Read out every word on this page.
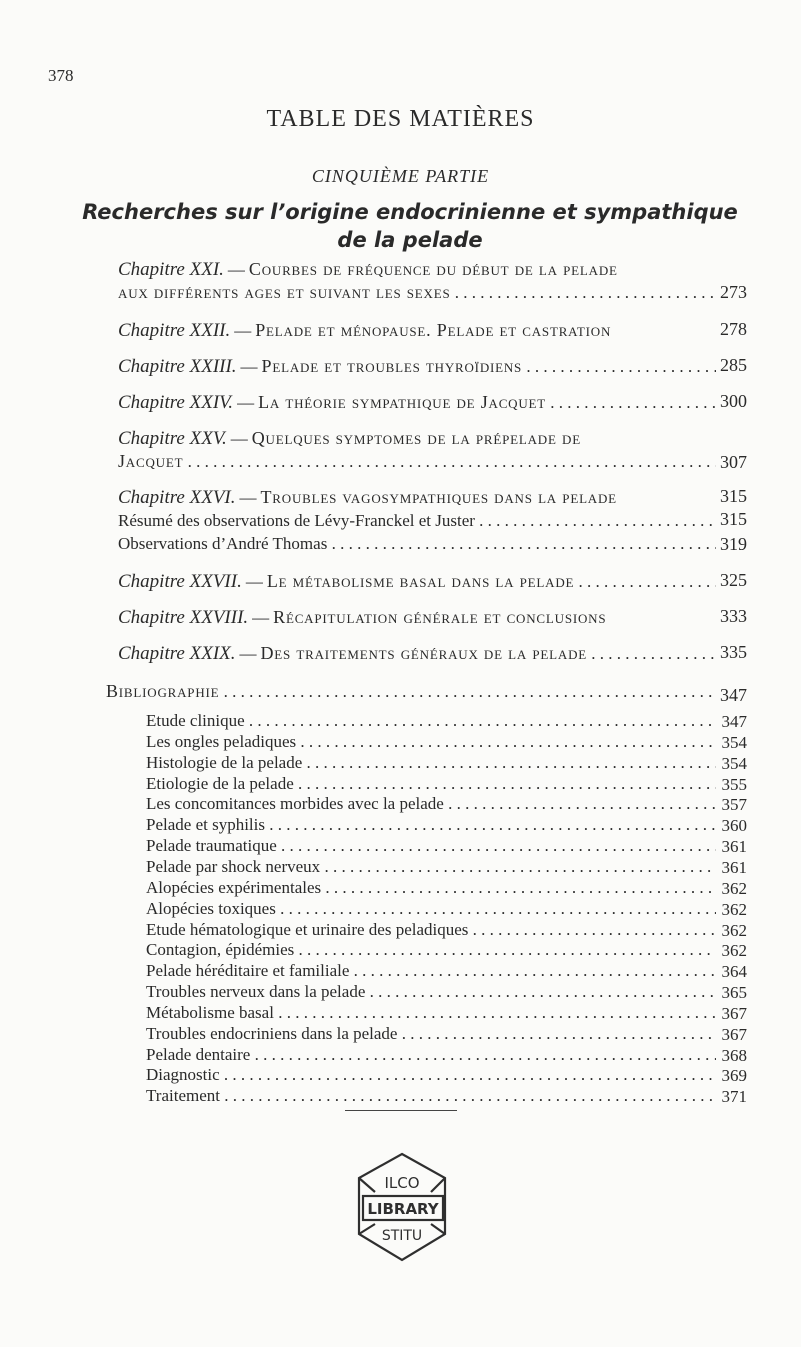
378
TABLE DES MATIÈRES
CINQUIÈME PARTIE
Recherches sur l’origine endocrinienne et sympathique
de la pelade
Chapitre XXI. — Courbes de fréquence du début de la pelade
aux différents ages et suivant les sexes . . .	273
Chapitre XXII. — Pelade et ménopause. Pelade et castration	278
Chapitre XXIII. — Pelade et troubles thyroïdiens . . .	285
Chapitre XXIV. — La théorie sympathique de Jacquet . . .	300
Chapitre XXV. — Quelques symptomes de la prépelade de
Jacquet . . .	307
Chapitre XXVI. — Troubles vagosympathiques dans la pelade	315
Résumé des observations de Lévy-Franckel et Juster . . .	315
Observations d’André Thomas . . .	319
Chapitre XXVII. — Le métabolisme basal dans la pelade . . .	325
Chapitre XXVIII. — Récapitulation générale et conclusions	333
Chapitre XXIX. — Des traitements généraux de la pelade . . .	335
Bibliographie . . .	347
Etude clinique . . .	347
Les ongles peladiques . . .	354
Histologie de la pelade . . .	354
Etiologie de la pelade . . .	355
Les concomitances morbides avec la pelade . . .	357
Pelade et syphilis . . .	360
Pelade traumatique . . .	361
Pelade par shock nerveux . . .	361
Alopécies expérimentales . . .	362
Alopécies toxiques . . .	362
Etude hématologique et urinaire des peladiques . . .	362
Contagion, épidémies . . .	362
Pelade héréditaire et familiale . . .	364
Troubles nerveux dans la pelade . . .	365
Métabolisme basal . . .	367
Troubles endocriniens dans la pelade . . .	367
Pelade dentaire . . .	368
Diagnostic . . .	369
Traitement . . .	371
ILCO
LIBRARY
STITU
